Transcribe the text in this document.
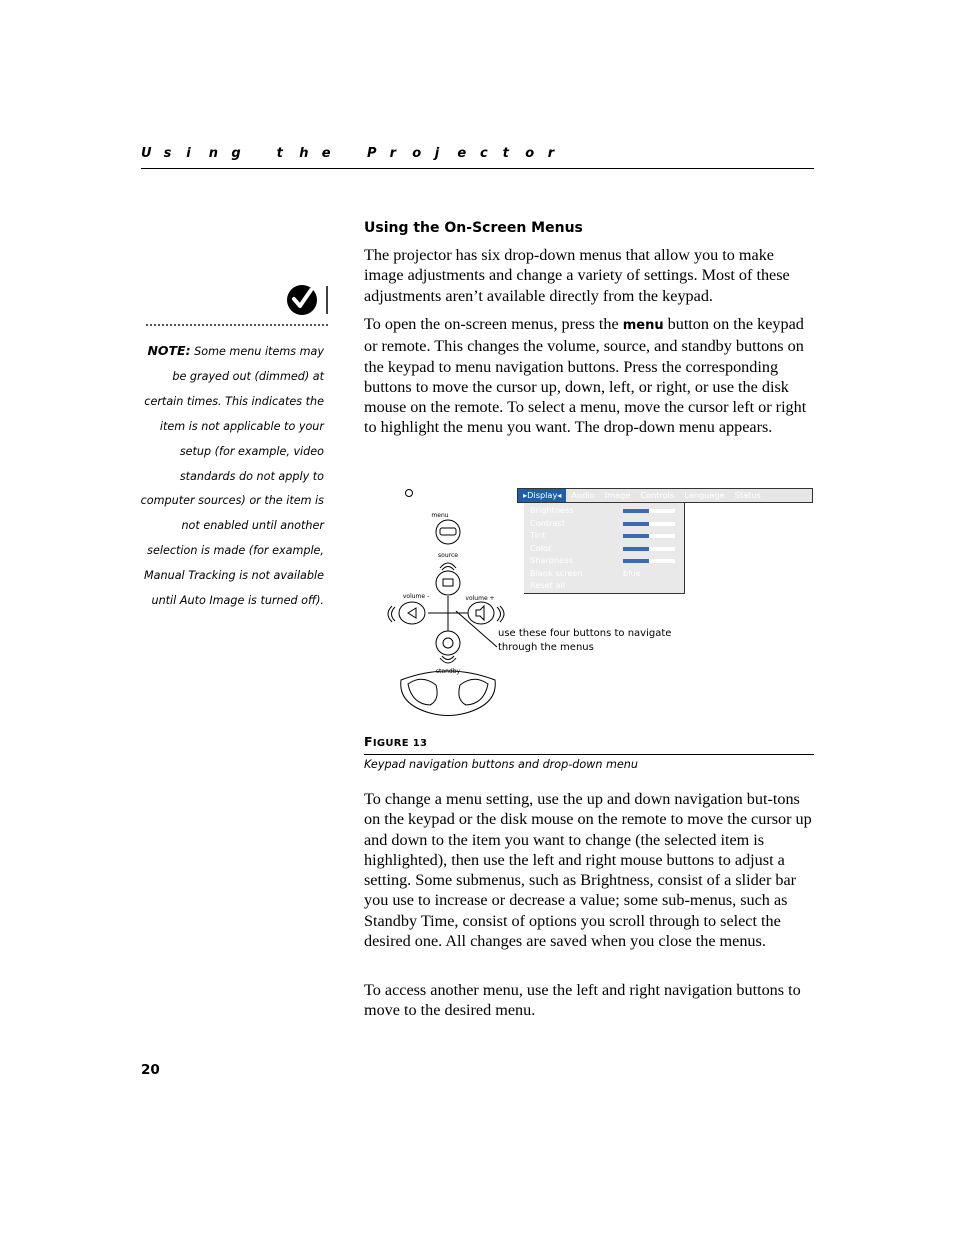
U s i n g	t h e	P r o j e c t o r
Using the On-Screen Menus

The projector has six drop-down menus that allow you to make image adjustments and change a variety of settings. Most of these adjustments aren’t available directly from the keypad.

To open the on-screen menus, press the menu button on the keypad or remote. This changes the volume, source, and standby buttons on the keypad to menu navigation buttons. Press the corresponding buttons to move the cursor up, down, left, or right, or use the disk mouse on the remote. To select a menu, move the cursor left or right to highlight the menu you want. The drop-down menu appears.

NOTE: Some menu items may be grayed out (dimmed) at certain times. This indicates the item is not applicable to your setup (for example, video standards do not apply to computer sources) or the item is not enabled until another selection is made (for example, Manual Tracking is not available until Auto Image is turned off).
menu
source
volume -	volume +
standby
▸Display◂	Audio	Image	Controls	Language	Status
Brightness
Contrast
Tint
Color
Sharpness
Blank screen	blue
Reset all
use these four buttons to navigate through the menus
FIGURE 13
Keypad navigation buttons and drop-down menu

To change a menu setting, use the up and down navigation but-tons on the keypad or the disk mouse on the remote to move the cursor up and down to the item you want to change (the selected item is highlighted), then use the left and right mouse buttons to adjust a setting. Some submenus, such as Brightness, consist of a slider bar you use to increase or decrease a value; some sub-menus, such as Standby Time, consist of options you scroll through to select the desired one. All changes are saved when you close the menus.

To access another menu, use the left and right navigation buttons to move to the desired menu.

20
